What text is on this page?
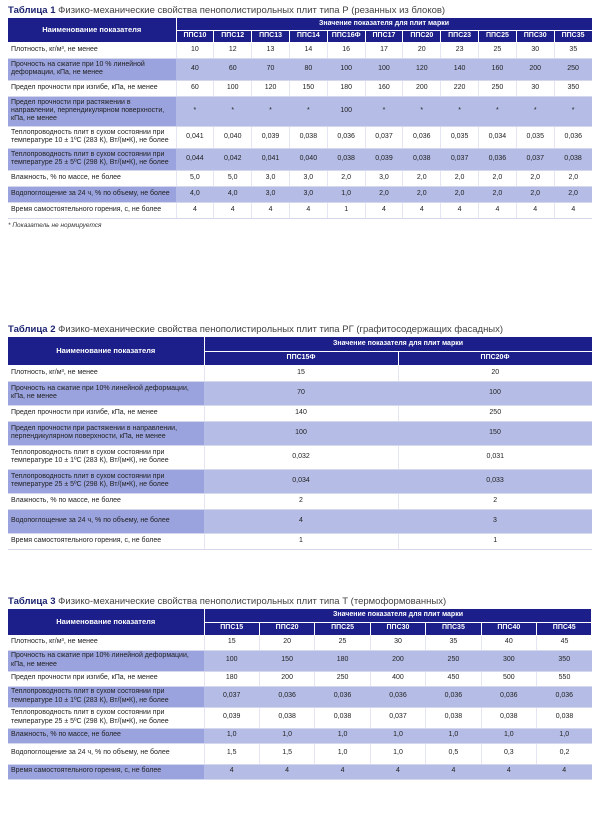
Таблица 1 Физико-механические свойства пенополистирольных плит типа Р (резанных из блоков)
Наименование показателя	Значение показателя для плит марки										
	ППС10	ППС12	ППС13	ППС14	ППС16Ф	ППС17	ППС20	ППС23	ППС25	ППС30	ППС35
Плотность, кг/м³, не менее	10	12	13	14	16	17	20	23	25	30	35
Прочность на сжатие при 10 % линейной деформации, кПа, не менее	40	60	70	80	100	100	120	140	160	200	250
Предел прочности при изгибе, кПа, не менее	60	100	120	150	180	160	200	220	250	30	350
Предел прочности при растяжении в направлении, перпендикулярном поверхности, кПа, не менее	*	*	*	*	100	*	*	*	*	*	*
Теплопроводность плит в сухом состоянии при температуре 10 ± 1ºС (283 К), Вт/(м•К), не более	0,041	0,040	0,039	0,038	0,036	0,037	0,036	0,035	0,034	0,035	0,036
Теплопроводность плит в сухом состоянии при температуре 25 ± 5ºС (298 К), Вт/(м•К), не более	0,044	0,042	0,041	0,040	0,038	0,039	0,038	0,037	0,036	0,037	0,038
Влажность, % по массе, не более	5,0	5,0	3,0	3,0	2,0	3,0	2,0	2,0	2,0	2,0	2,0
Водопоглощение за 24 ч, % по объему, не более	4,0	4,0	3,0	3,0	1,0	2,0	2,0	2,0	2,0	2,0	2,0
Время самостоятельного горения, с, не более	4	4	4	4	1	4	4	4	4	4	4
* Показатель не нормируется
Таблица 2 Физико-механические свойства пенополистирольных плит типа РГ (графитосодержащих фасадных)
Наименование показателя	Значение показателя для плит марки	
	ППС15Ф	ППС20Ф
Плотность, кг/м³, не менее	15	20
Прочность на сжатие при 10% линейной деформации, кПа, не менее	70	100
Предел прочности при изгибе, кПа, не менее	140	250
Предел прочности при растяжении в направлении, перпендикулярном поверхности, кПа, не менее	100	150
Теплопроводность плит в сухом состоянии при температуре 10 ± 1ºС (283 К), Вт/(м•К), не более	0,032	0,031
Теплопроводность плит в сухом состоянии при температуре 25 ± 5ºС (298 К), Вт/(м•К), не более	0,034	0,033
Влажность, % по массе, не более	2	2
Водопоглощение за 24 ч, % по объему, не более	4	3
Время самостоятельного горения, с, не более	1	1
Таблица 3 Физико-механические свойства пенополистирольных плит типа Т (термоформованных)
Наименование показателя	Значение показателя для плит марки						
	ППС15	ППС20	ППС25	ППС30	ППС35	ППС40	ППС45
Плотность, кг/м³, не менее	15	20	25	30	35	40	45
Прочность на сжатие при 10% линейной деформации, кПа, не менее	100	150	180	200	250	300	350
Предел прочности при изгибе, кПа, не менее	180	200	250	400	450	500	550
Теплопроводность плит в сухом состоянии при температуре 10 ± 1ºС (283 К), Вт/(м•К), не более	0,037	0,036	0,036	0,036	0,036	0,036	0,036
Теплопроводность плит в сухом состоянии при температуре 25 ± 5ºС (298 К), Вт/(м•К), не более	0,039	0,038	0,038	0,037	0,038	0,038	0,038
Влажность, % по массе, не более	1,0	1,0	1,0	1,0	1,0	1,0	1,0
Водопоглощение за 24 ч, % по объему, не более	1,5	1,5	1,0	1,0	0,5	0,3	0,2
Время самостоятельного горения, с, не более	4	4	4	4	4	4	4
